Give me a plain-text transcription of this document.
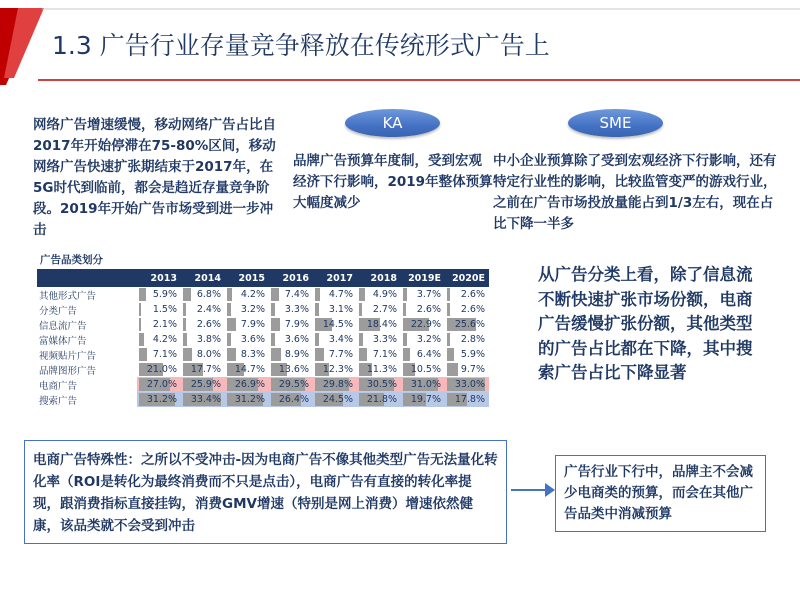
1.3 广告行业存量竞争释放在传统形式广告上
网络广告增速缓慢，移动网络广告占比自2017年开始停滞在75-80%区间，移动网络广告快速扩张期结束于2017年，在5G时代到临前，都会是趋近存量竞争阶段。2019年开始广告市场受到进一步冲击
KA
品牌广告预算年度制，受到宏观经济下行影响，2019年整体预算大幅度减少
SME
中小企业预算除了受到宏观经济下行影响，还有特定行业性的影响，比较监管变严的游戏行业，之前在广告市场投放量能占到1/3左右，现在占比下降一半多
广告品类划分
	2013	2014	2015	2016	2017	2018	2019E	2020E
其他形式广告	5.9%	6.8%	4.2%	7.4%	4.7%	4.9%	3.7%	2.6%
分类广告	1.5%	2.4%	3.2%	3.3%	3.1%	2.7%	2.6%	2.6%
信息流广告	2.1%	2.6%	7.9%	7.9%	14.5%	18.4%	22.9%	25.6%
富媒体广告	4.2%	3.8%	3.6%	3.6%	3.4%	3.3%	3.2%	2.8%
视频贴片广告	7.1%	8.0%	8.3%	8.9%	7.7%	7.1%	6.4%	5.9%
品牌图形广告	21.0%	17.7%	14.7%	13.6%	12.3%	11.3%	10.5%	9.7%
电商广告	27.0%	25.9%	26.9%	29.5%	29.8%	30.5%	31.0%	33.0%
搜索广告	31.2%	33.4%	31.2%	26.4%	24.5%	21.8%	19.7%	17.8%
从广告分类上看，除了信息流不断快速扩张市场份额，电商广告缓慢扩张份额，其他类型的广告占比都在下降，其中搜索广告占比下降显著
电商广告特殊性：之所以不受冲击-因为电商广告不像其他类型广告无法量化转化率（ROI是转化为最终消费而不只是点击），电商广告有直接的转化率提现，跟消费指标直接挂钩，消费GMV增速（特别是网上消费）增速依然健康，该品类就不会受到冲击
广告行业下行中，品牌主不会减少电商类的预算，而会在其他广告品类中消减预算
